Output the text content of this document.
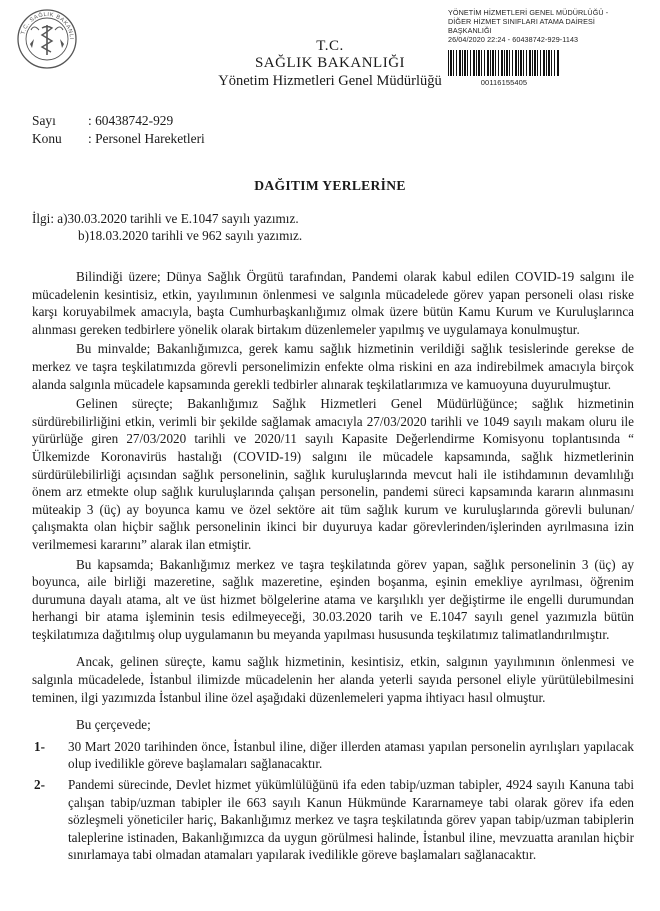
T.C. SAĞLIK BAKANLI
YÖNETİM HİZMETLERİ GENEL MÜDÜRLÜĞÜ -
DİĞER HİZMET SINIFLARI ATAMA DAİRESİ
BAŞKANLIĞI
26/04/2020 22:24 - 60438742-929-1143
00116155405
T.C.
SAĞLIK BAKANLIĞI
Yönetim Hizmetleri Genel Müdürlüğü
Sayı	: 60438742-929
Konu	: Personel Hareketleri
DAĞITIM YERLERİNE
İlgi: a)30.03.2020 tarihli ve E.1047 sayılı yazımız.
b)18.03.2020 tarihli ve 962 sayılı yazımız.

Bilindiği üzere; Dünya Sağlık Örgütü tarafından, Pandemi olarak kabul edilen COVID-19 salgını ile mücadelenin kesintisiz, etkin, yayılımının önlenmesi ve salgınla mücadelede görev yapan personeli olası riske karşı koruyabilmek amacıyla, başta Cumhurbaşkanlığımız olmak üzere bütün Kamu Kurum ve Kuruluşlarınca alınması gereken tedbirlere yönelik olarak birtakım düzenlemeler yapılmış ve uygulamaya konulmuştur.

Bu minvalde; Bakanlığımızca, gerek kamu sağlık hizmetinin verildiği sağlık tesislerinde gerekse de merkez ve taşra teşkilatımızda görevli personelimizin enfekte olma riskini en aza indirebilmek amacıyla birçok alanda salgınla mücadele kapsamında gerekli tedbirler alınarak teşkilatlarımıza ve kamuoyuna duyurulmuştur.

Gelinen süreçte; Bakanlığımız Sağlık Hizmetleri Genel Müdürlüğünce; sağlık hizmetinin sürdürebilirliğini etkin, verimli bir şekilde sağlamak amacıyla 27/03/2020 tarihli ve 1049 sayılı makam oluru ile yürürlüğe giren 27/03/2020 tarihli ve 2020/11 sayılı Kapasite Değerlendirme Komisyonu toplantısında “ Ülkemizde Koronavirüs hastalığı (COVID-19) salgını ile mücadele kapsamında, sağlık hizmetlerinin sürdürülebilirliği açısından sağlık personelinin, sağlık kuruluşlarında mevcut hali ile istihdamının devamlılığı önem arz etmekte olup sağlık kuruluşlarında çalışan personelin, pandemi süreci kapsamında kararın alınmasını müteakip 3 (üç) ay boyunca kamu ve özel sektöre ait tüm sağlık kurum ve kuruluşlarında görevli bulunan/çalışmakta olan hiçbir sağlık personelinin ikinci bir duyuruya kadar görevlerinden/işlerinden ayrılmasına izin verilmemesi kararını” alarak ilan etmiştir.

Bu kapsamda; Bakanlığımız merkez ve taşra teşkilatında görev yapan, sağlık personelinin 3 (üç) ay boyunca, aile birliği mazeretine, sağlık mazeretine, eşinden boşanma, eşinin emekliye ayrılması, öğrenim durumuna dayalı atama, alt ve üst hizmet bölgelerine atama ve karşılıklı yer değiştirme ile engelli durumundan herhangi bir atama işleminin tesis edilmeyeceği, 30.03.2020 tarih ve E.1047 sayılı genel yazımızla bütün teşkilatımıza dağıtılmış olup uygulamanın bu meyanda yapılması hususunda teşkilatımız talimatlandırılmıştır.

Ancak, gelinen süreçte, kamu sağlık hizmetinin, kesintisiz, etkin, salgının yayılımının önlenmesi ve salgınla mücadelede, İstanbul ilimizde mücadelenin her alanda yeterli sayıda personel eliyle yürütülebilmesini teminen, ilgi yazımızda İstanbul iline özel aşağıdaki düzenlemeleri yapma ihtiyacı hasıl olmuştur.

Bu çerçevede;

1-	30 Mart 2020 tarihinden önce, İstanbul iline, diğer illerden ataması yapılan personelin ayrılışları yapılacak olup ivedilikle göreve başlamaları sağlanacaktır.
2-	Pandemi sürecinde, Devlet hizmet yükümlülüğünü ifa eden tabip/uzman tabipler, 4924 sayılı Kanuna tabi çalışan tabip/uzman tabipler ile 663 sayılı Kanun Hükmünde Kararnameye tabi olarak görev ifa eden sözleşmeli yöneticiler hariç, Bakanlığımız merkez ve taşra teşkilatında görev yapan tabip/uzman tabiplerin taleplerine istinaden, Bakanlığımızca da uygun görülmesi halinde, İstanbul iline, mevzuatta aranılan hiçbir sınırlamaya tabi olmadan atamaları yapılarak ivedilikle göreve başlamaları sağlanacaktır.
